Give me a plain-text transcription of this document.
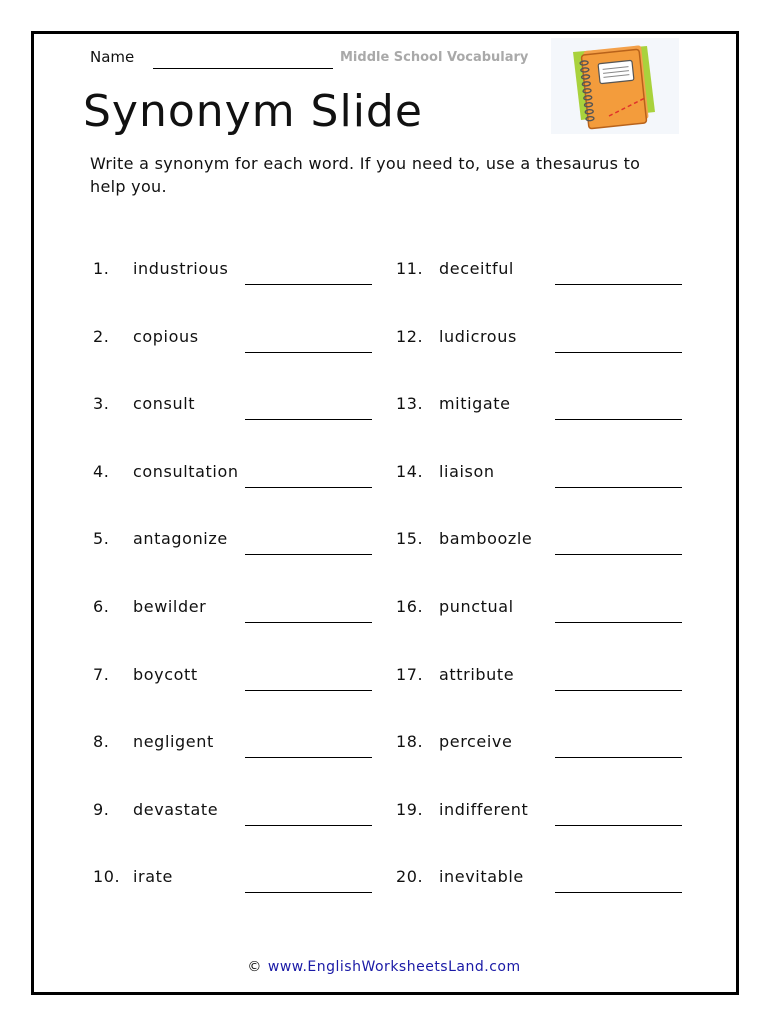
Name	Middle School Vocabulary
Synonym Slide
Write a synonym for each word. If you need to, use a thesaurus to help you.
1. industrious
2. copious
3. consult
4. consultation
5. antagonize
6. bewilder
7. boycott
8. negligent
9. devastate
10. irate
11. deceitful
12. ludicrous
13. mitigate
14. liaison
15. bamboozle
16. punctual
17. attribute
18. perceive
19. indifferent
20. inevitable
© www.EnglishWorksheetsLand.com
